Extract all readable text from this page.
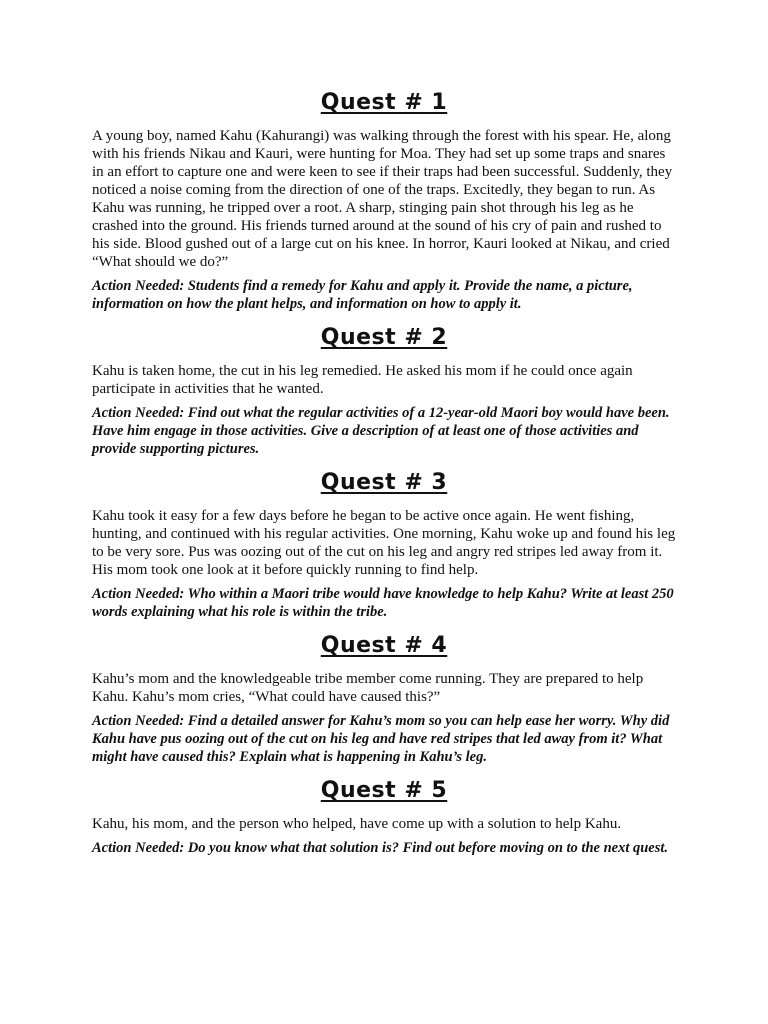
Quest # 1

A young boy, named Kahu (Kahurangi) was walking through the forest with his spear. He, along with his friends Nikau and Kauri, were hunting for Moa. They had set up some traps and snares in an effort to capture one and were keen to see if their traps had been successful. Suddenly, they noticed a noise coming from the direction of one of the traps. Excitedly, they began to run. As Kahu was running, he tripped over a root. A sharp, stinging pain shot through his leg as he crashed into the ground. His friends turned around at the sound of his cry of pain and rushed to his side. Blood gushed out of a large cut on his knee. In horror, Kauri looked at Nikau, and cried “What should we do?”

Action Needed: Students find a remedy for Kahu and apply it. Provide the name, a picture, information on how the plant helps, and information on how to apply it.

Quest # 2

Kahu is taken home, the cut in his leg remedied. He asked his mom if he could once again participate in activities that he wanted.

Action Needed: Find out what the regular activities of a 12-year-old Maori boy would have been. Have him engage in those activities. Give a description of at least one of those activities and provide supporting pictures.

Quest # 3

Kahu took it easy for a few days before he began to be active once again. He went fishing, hunting, and continued with his regular activities. One morning, Kahu woke up and found his leg to be very sore. Pus was oozing out of the cut on his leg and angry red stripes led away from it. His mom took one look at it before quickly running to find help.

Action Needed: Who within a Maori tribe would have knowledge to help Kahu? Write at least 250 words explaining what his role is within the tribe.

Quest # 4

Kahu’s mom and the knowledgeable tribe member come running. They are prepared to help Kahu. Kahu’s mom cries, “What could have caused this?”

Action Needed: Find a detailed answer for Kahu’s mom so you can help ease her worry. Why did Kahu have pus oozing out of the cut on his leg and have red stripes that led away from it? What might have caused this? Explain what is happening in Kahu’s leg.

Quest # 5

Kahu, his mom, and the person who helped, have come up with a solution to help Kahu.

Action Needed: Do you know what that solution is? Find out before moving on to the next quest.
